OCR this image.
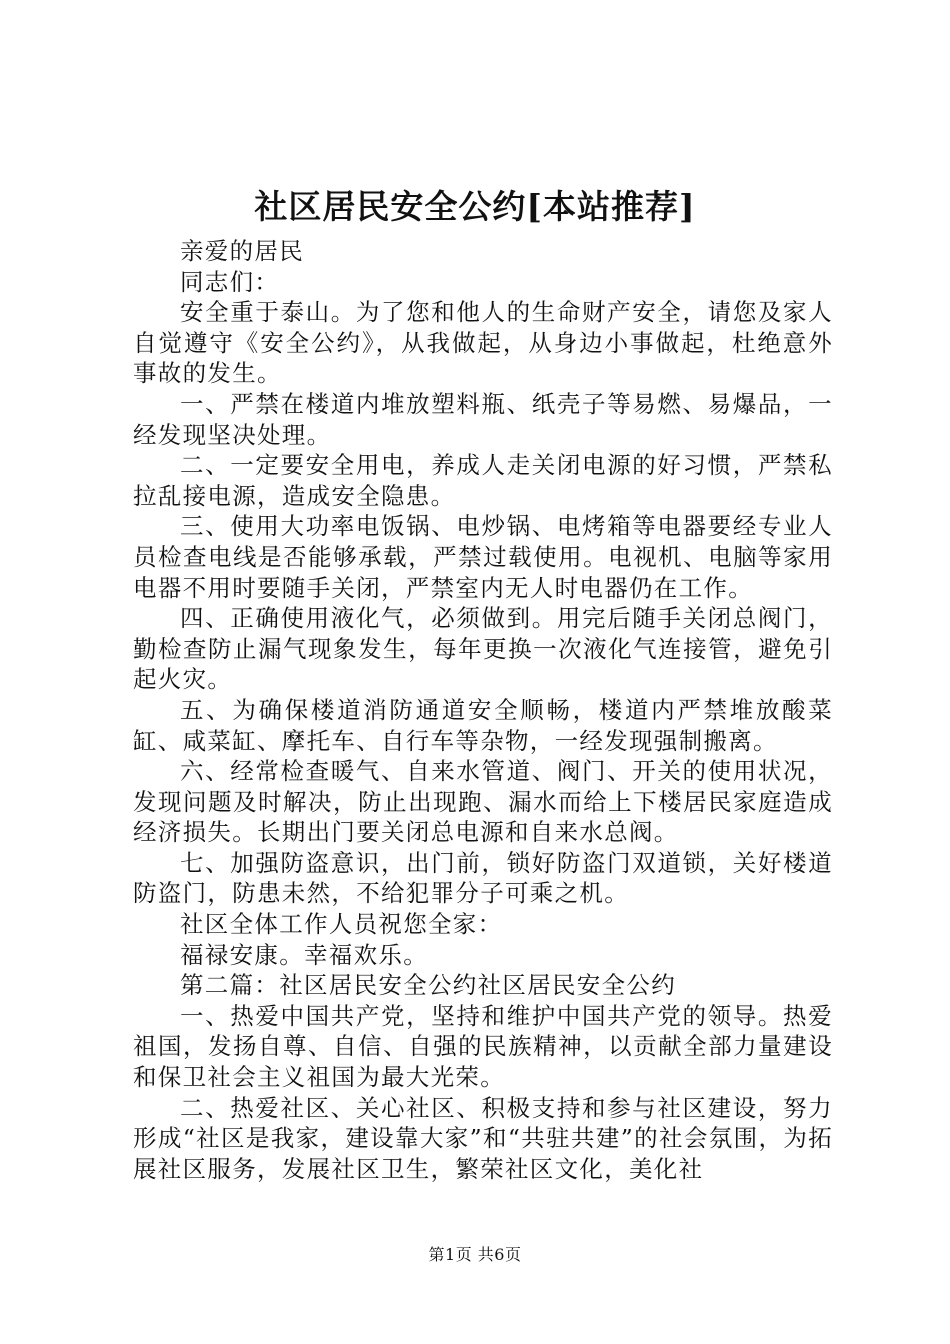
社区居民安全公约[本站推荐]

亲爱的居民

同志们：

安全重于泰山。为了您和他人的生命财产安全，请您及家人自觉遵守《安全公约》，从我做起，从身边小事做起，杜绝意外事故的发生。

一、严禁在楼道内堆放塑料瓶、纸壳子等易燃、易爆品，一经发现坚决处理。

二、一定要安全用电，养成人走关闭电源的好习惯，严禁私拉乱接电源，造成安全隐患。

三、使用大功率电饭锅、电炒锅、电烤箱等电器要经专业人员检查电线是否能够承载，严禁过载使用。电视机、电脑等家用电器不用时要随手关闭，严禁室内无人时电器仍在工作。

四、正确使用液化气，必须做到。用完后随手关闭总阀门，勤检查防止漏气现象发生，每年更换一次液化气连接管，避免引起火灾。

五、为确保楼道消防通道安全顺畅，楼道内严禁堆放酸菜缸、咸菜缸、摩托车、自行车等杂物，一经发现强制搬离。

六、经常检查暖气、自来水管道、阀门、开关的使用状况，发现问题及时解决，防止出现跑、漏水而给上下楼居民家庭造成经济损失。长期出门要关闭总电源和自来水总阀。

七、加强防盗意识，出门前，锁好防盗门双道锁，关好楼道防盗门，防患未然，不给犯罪分子可乘之机。

社区全体工作人员祝您全家：

福禄安康。幸福欢乐。

第二篇：社区居民安全公约社区居民安全公约

一、热爱中国共产党，坚持和维护中国共产党的领导。热爱祖国，发扬自尊、自信、自强的民族精神，以贡献全部力量建设和保卫社会主义祖国为最大光荣。

二、热爱社区、关心社区、积极支持和参与社区建设，努力形成“社区是我家，建设靠大家”和“共驻共建”的社会氛围，为拓展社区服务，发展社区卫生，繁荣社区文化，美化社

第1页 共6页
